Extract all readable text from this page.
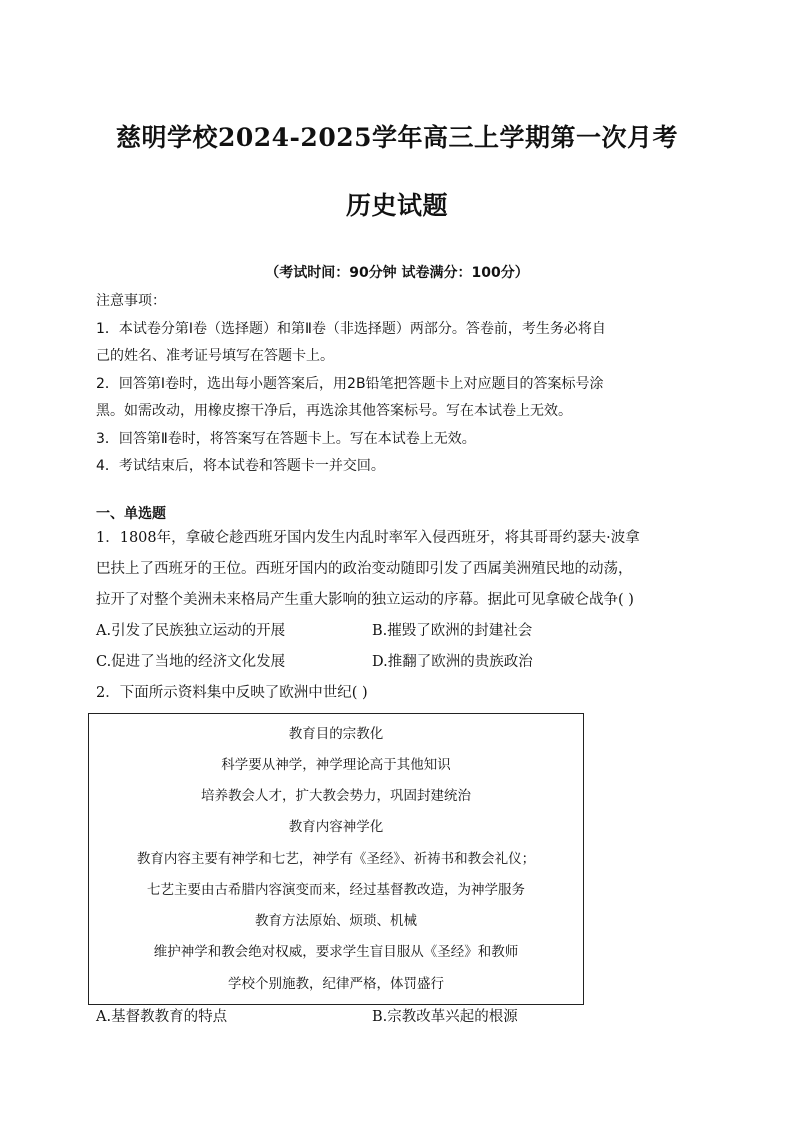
慈明学校2024-2025学年高三上学期第一次月考
历史试题
（考试时间：90分钟 试卷满分：100分）
注意事项：
1．本试卷分第Ⅰ卷（选择题）和第Ⅱ卷（非选择题）两部分。答卷前，考生务必将自
己的姓名、准考证号填写在答题卡上。
2．回答第Ⅰ卷时，选出每小题答案后，用2B铅笔把答题卡上对应题目的答案标号涂
黑。如需改动，用橡皮擦干净后，再选涂其他答案标号。写在本试卷上无效。
3．回答第Ⅱ卷时，将答案写在答题卡上。写在本试卷上无效。
4．考试结束后，将本试卷和答题卡一并交回。
一、单选题
1．1808年，拿破仑趁西班牙国内发生内乱时率军入侵西班牙，将其哥哥约瑟夫·波拿
巴扶上了西班牙的王位。西班牙国内的政治变动随即引发了西属美洲殖民地的动荡，
拉开了对整个美洲未来格局产生重大影响的独立运动的序幕。据此可见拿破仑战争( )
A.引发了民族独立运动的开展	B.摧毁了欧洲的封建社会
C.促进了当地的经济文化发展	D.推翻了欧洲的贵族政治
2．下面所示资料集中反映了欧洲中世纪( )
教育目的宗教化
科学要从神学，神学理论高于其他知识
培养教会人才，扩大教会势力，巩固封建统治
教育内容神学化
教育内容主要有神学和七艺，神学有《圣经》、祈祷书和教会礼仪；
七艺主要由古希腊内容演变而来，经过基督教改造，为神学服务
教育方法原始、烦琐、机械
维护神学和教会绝对权威，要求学生盲目服从《圣经》和教师
学校个别施教，纪律严格，体罚盛行
A.基督教教育的特点	B.宗教改革兴起的根源
